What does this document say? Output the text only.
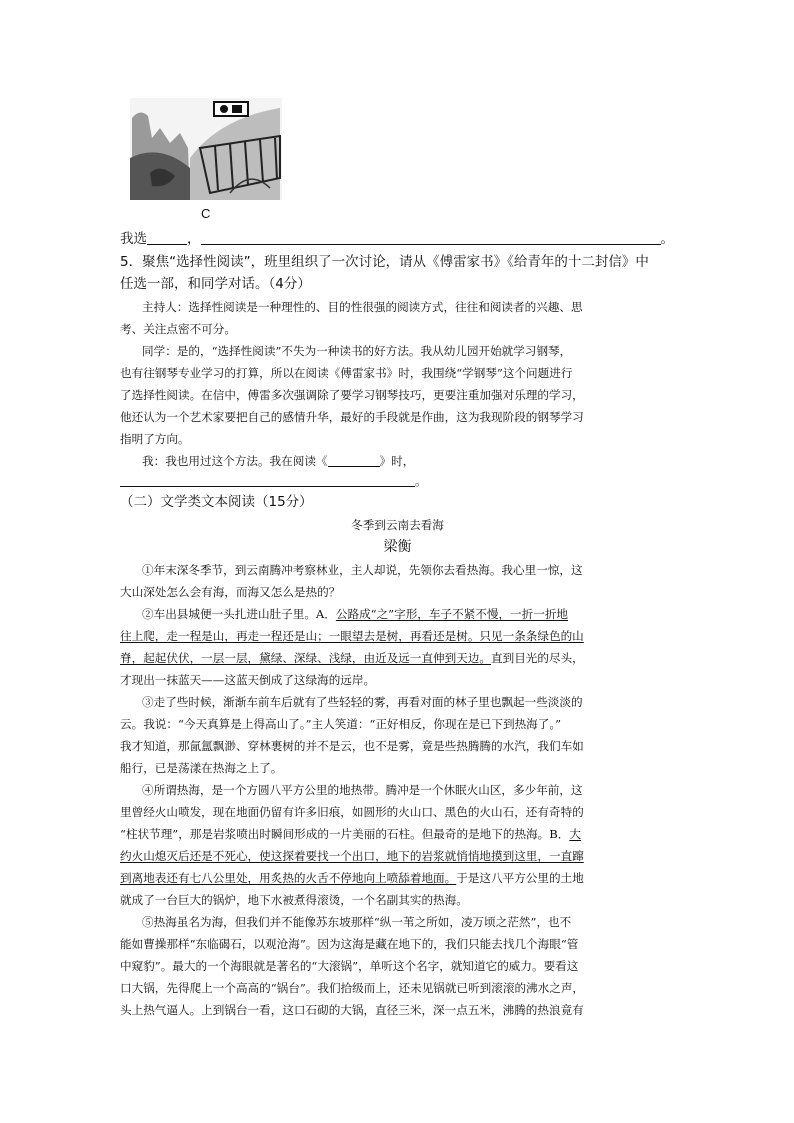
C
我选	，	。
5．聚焦“选择性阅读”，班里组织了一次讨论，请从《傅雷家书》《给青年的十二封信》中
任选一部，和同学对话。（4分）
主持人：选择性阅读是一种理性的、目的性很强的阅读方式，往往和阅读者的兴趣、思
考、关注点密不可分。
同学：是的，“选择性阅读”不失为一种读书的好方法。我从幼儿园开始就学习钢琴，
也有往钢琴专业学习的打算，所以在阅读《傅雷家书》时，我围绕“学钢琴”这个问题进行
了选择性阅读。在信中，傅雷多次强调除了要学习钢琴技巧，更要注重加强对乐理的学习，
他还认为一个艺术家要把自己的感情升华，最好的手段就是作曲，这为我现阶段的钢琴学习
指明了方向。
我：我也用过这个方法。我在阅读《	》时，
。
（二）文学类文本阅读（15分）
冬季到云南去看海
梁衡
①年末深冬季节，到云南腾冲考察林业，主人却说，先领你去看热海。我心里一惊，这
大山深处怎么会有海，而海又怎么是热的？
②车出县城便一头扎进山肚子里。A．公路成“之”字形，车子不紧不慢，一折一折地
往上爬，走一程是山，再走一程还是山；一眼望去是树，再看还是树。只见一条条绿色的山
脊，起起伏伏，一层一层，黛绿、深绿、浅绿，由近及远一直伸到天边。直到目光的尽头，
才现出一抹蓝天——这蓝天倒成了这绿海的远岸。
③走了些时候，渐渐车前车后就有了些轻轻的雾，再看对面的林子里也飘起一些淡淡的
云。我说：“今天真算是上得高山了。”主人笑道：“正好相反，你现在是已下到热海了。”
我才知道，那氤氲飘渺、穿林裹树的并不是云，也不是雾，竟是些热腾腾的水汽，我们车如
船行，已是荡漾在热海之上了。
④所谓热海，是一个方圆八平方公里的地热带。腾冲是一个休眠火山区，多少年前，这
里曾经火山喷发，现在地面仍留有许多旧痕，如圆形的火山口、黑色的火山石，还有奇特的
“柱状节理”，那是岩浆喷出时瞬间形成的一片美丽的石柱。但最奇的是地下的热海。B．大
约火山熄灭后还是不死心，使这探着要找一个出口，地下的岩浆就悄悄地摸到这里，一直蹿
到离地表还有七八公里处，用炙热的火舌不停地向上喷舔着地面。于是这八平方公里的土地
就成了一台巨大的锅炉，地下水被煮得滚烫，一个名副其实的热海。
⑤热海虽名为海，但我们并不能像苏东坡那样“纵一苇之所如，凌万顷之茫然”，也不
能如曹操那样“东临碣石，以观沧海”。因为这海是藏在地下的，我们只能去找几个海眼“管
中窥豹”。最大的一个海眼就是著名的“大滚锅”，单听这个名字，就知道它的威力。要看这
口大锅，先得爬上一个高高的“锅台”。我们拾级而上，还未见锅就已听到滚滚的沸水之声，
头上热气逼人。上到锅台一看，这口石砌的大锅，直径三米，深一点五米，沸腾的热浪竟有
